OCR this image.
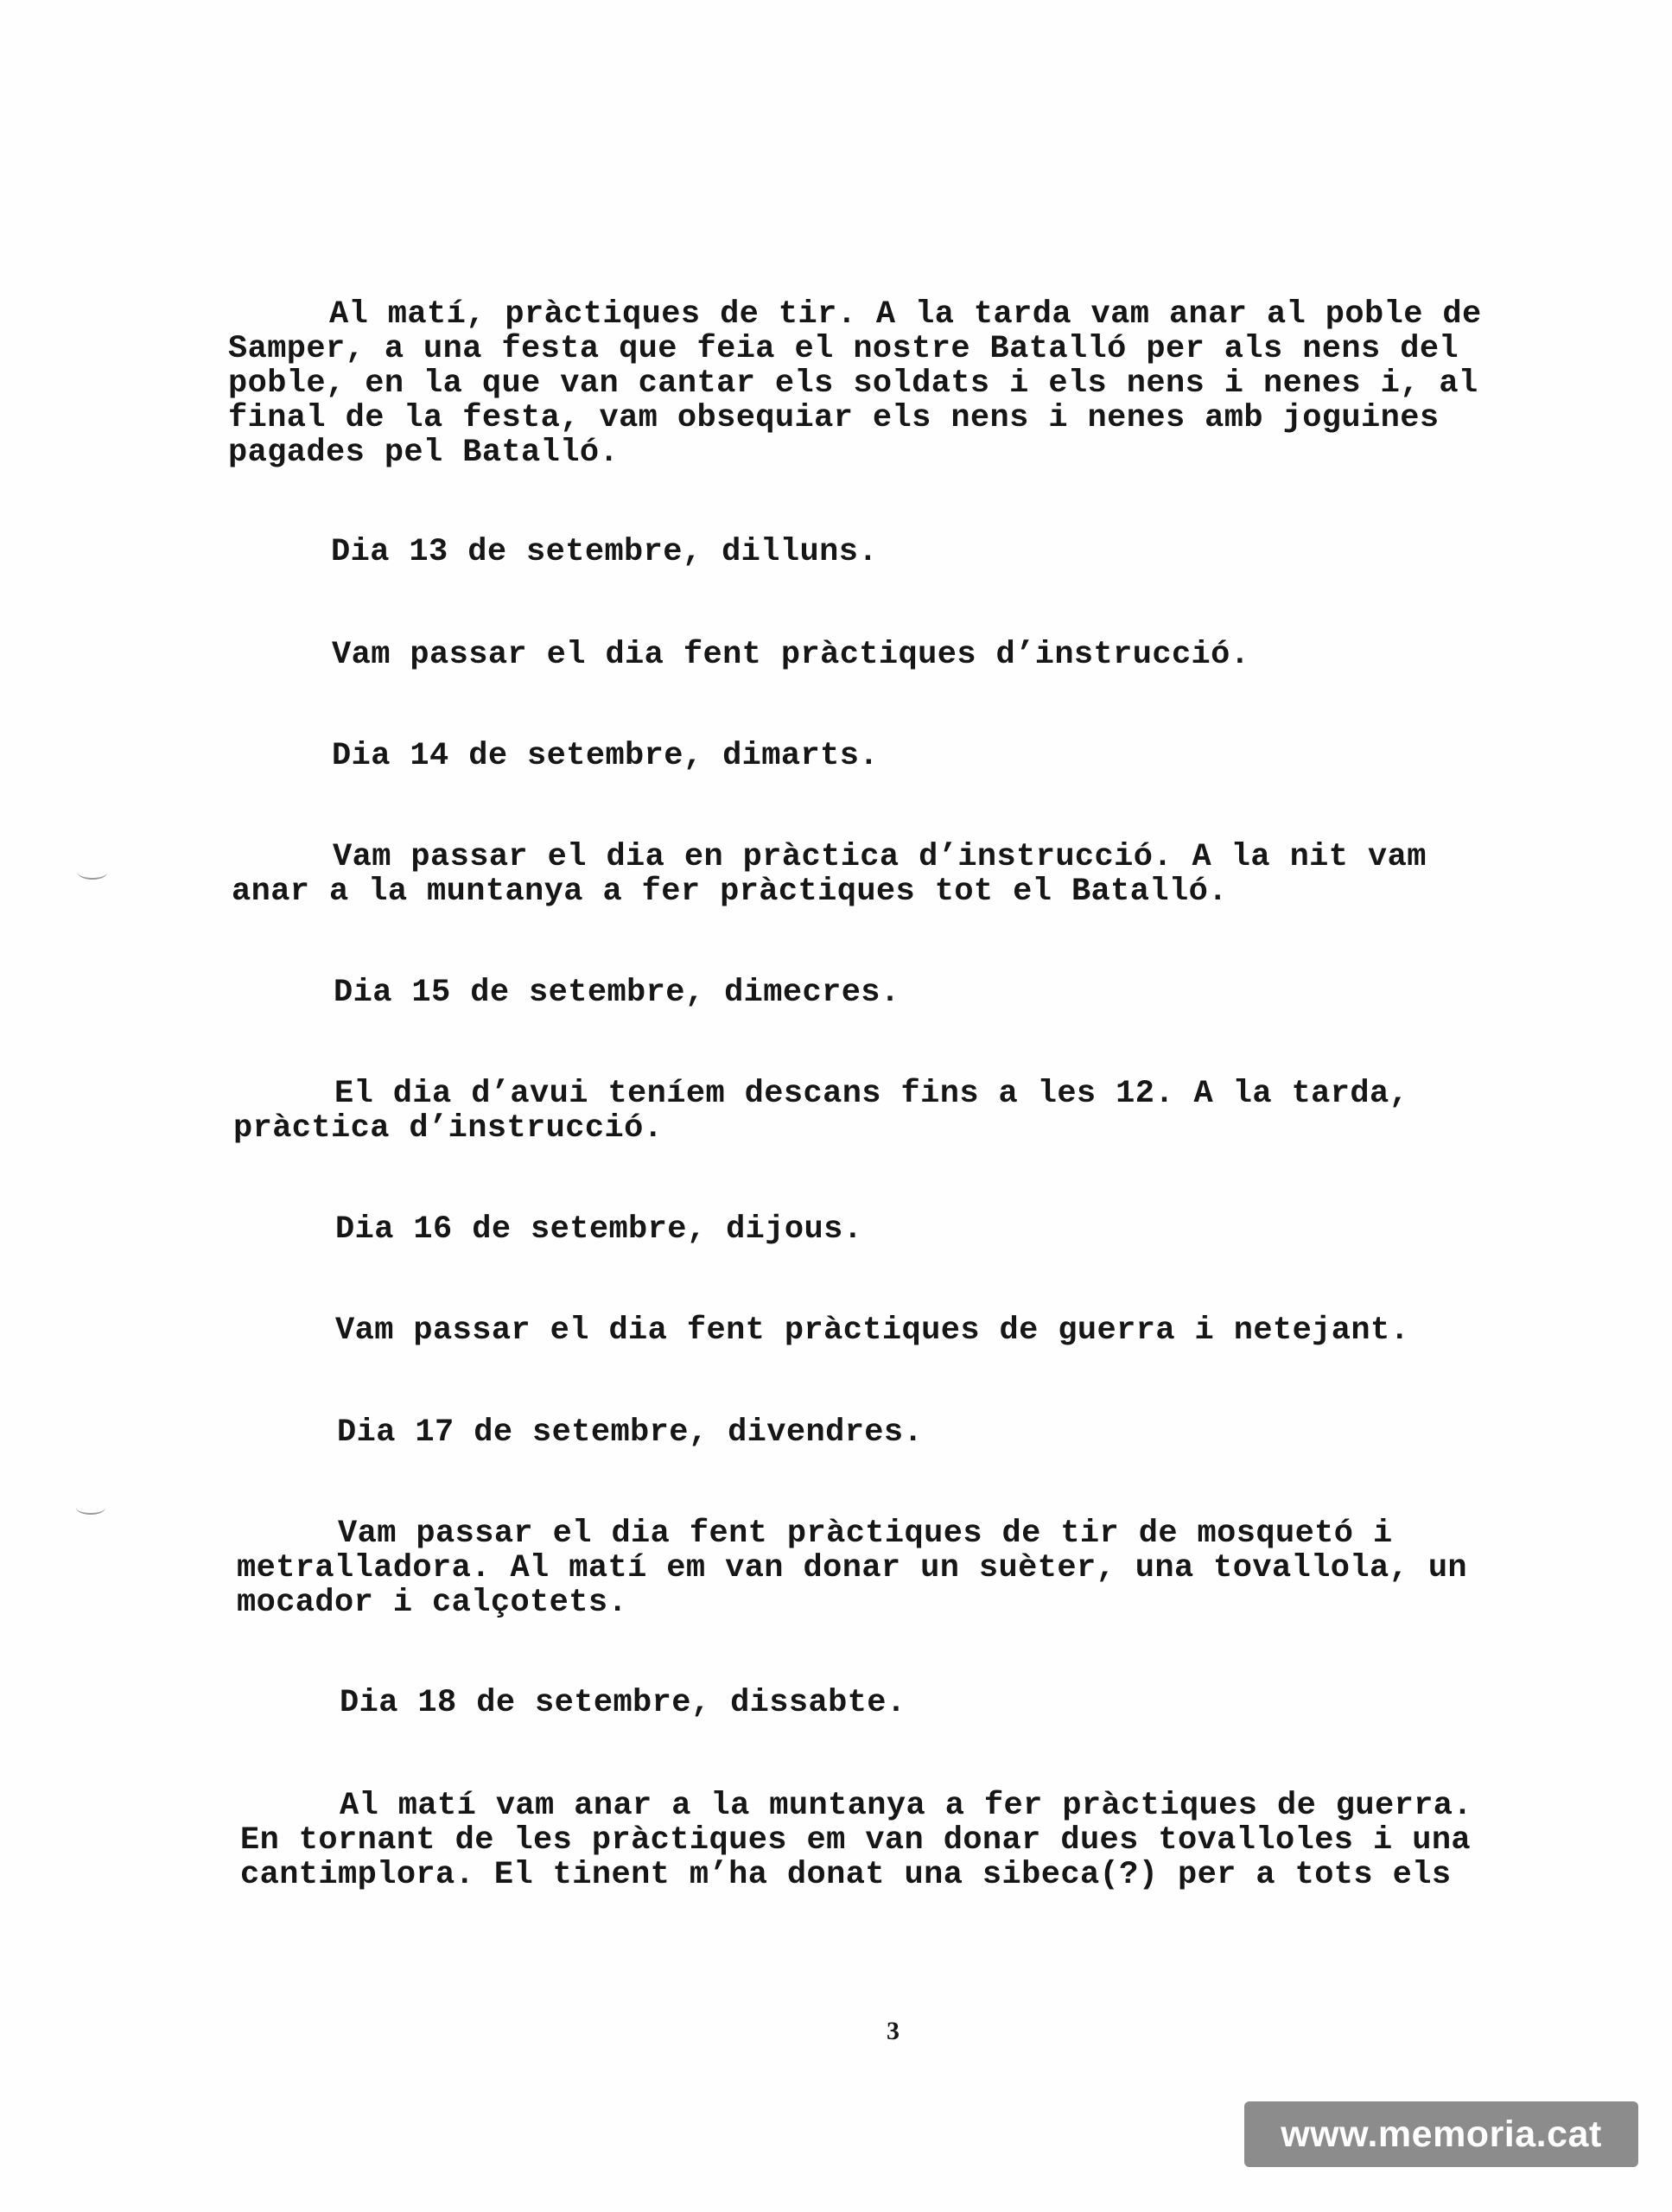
Al matí, pràctiques de tir. A la tarda vam anar al poble de
Samper, a una festa que feia el nostre Batalló per als nens del
poble, en la que van cantar els soldats i els nens i nenes i, al
final de la festa, vam obsequiar els nens i nenes amb joguines
pagades pel Batalló.
Dia 13 de setembre, dilluns.
Vam passar el dia fent pràctiques d’instrucció.
Dia 14 de setembre, dimarts.
Vam passar el dia en pràctica d’instrucció. A la nit vam
anar a la muntanya a fer pràctiques tot el Batalló.
Dia 15 de setembre, dimecres.
El dia d’avui teníem descans fins a les 12. A la tarda,
pràctica d’instrucció.
Dia 16 de setembre, dijous.
Vam passar el dia fent pràctiques de guerra i netejant.
Dia 17 de setembre, divendres.
Vam passar el dia fent pràctiques de tir de mosquetó i
metralladora. Al matí em van donar un suèter, una tovallola, un
mocador i calçotets.
Dia 18 de setembre, dissabte.
Al matí vam anar a la muntanya a fer pràctiques de guerra.
En tornant de les pràctiques em van donar dues tovalloles i una
cantimplora. El tinent m’ha donat una sibeca(?) per a tots els
3
www.memoria.cat
